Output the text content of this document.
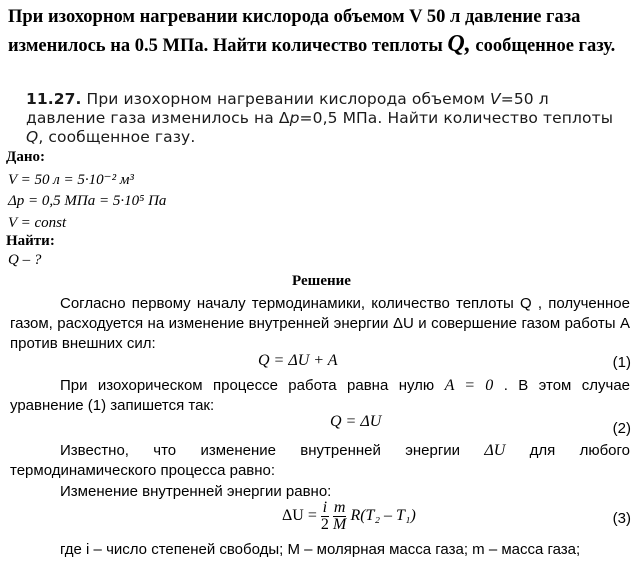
При изохорном нагревании кислорода объемом V 50 л давление газа изменилось на 0.5 МПа. Найти количество теплоты Q, сообщенное газу.
11.27. При изохорном нагревании кислорода объемом V=50 л давление газа изменилось на Δp=0,5 МПа. Найти количество теплоты Q, сообщенное газу.
Дано:
V = 50 л = 5·10⁻² м³
Δp = 0,5 МПа = 5·10⁵ Па
V = const
Найти:
Q – ?
Решение
Согласно первому началу термодинамики, количество теплоты Q , полученное газом, расходуется на изменение внутренней энергии ΔU и совершение газом работы A против внешних сил:
Q = ΔU + A	(1)
При изохорическом процессе работа равна нулю A = 0 . В этом случае уравнение (1) запишется так:
Q = ΔU	(2)
Известно, что изменение внутренней энергии ΔU для любого термодинамического процесса равно:
Изменение внутренней энергии равно:
$\Delta U = \frac{i}{2}$
$\frac{m}{M} R(T_2 - T_1)$	(3)
где i – число степеней свободы; M – молярная масса газа; m – масса газа;
